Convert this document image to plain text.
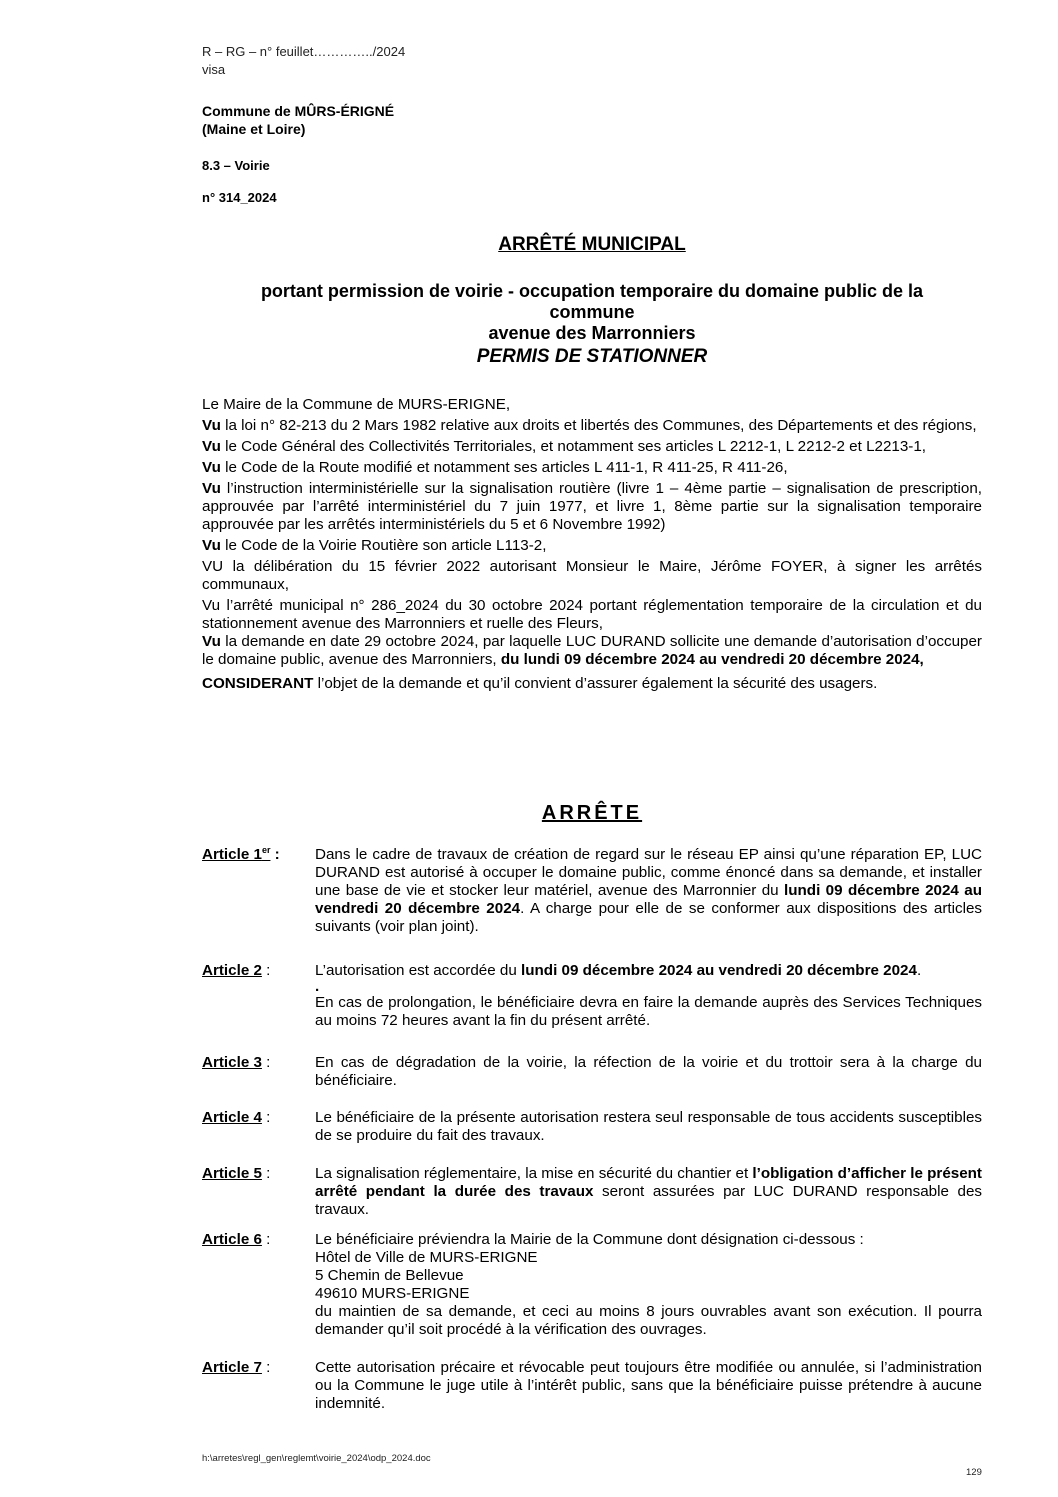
R – RG – n° feuillet…………../2024
visa
Commune de MÛRS-ÉRIGNÉ
(Maine et Loire)
8.3 – Voirie
n° 314_2024
ARRÊTÉ MUNICIPAL
portant permission de voirie - occupation temporaire du domaine public de la
commune
avenue des Marronniers
PERMIS DE STATIONNER

Le Maire de la Commune de MURS-ERIGNE,

Vu la loi n° 82-213 du 2 Mars 1982 relative aux droits et libertés des Communes, des Départements et des régions,

Vu le Code Général des Collectivités Territoriales, et notamment ses articles L 2212-1, L 2212-2 et L2213-1,

Vu le Code de la Route modifié et notamment ses articles L 411-1, R 411-25, R 411-26,

Vu l’instruction interministérielle sur la signalisation routière (livre 1 – 4ème partie – signalisation de prescription, approuvée par l’arrêté interministériel du 7 juin 1977, et livre 1, 8ème partie sur la signalisation temporaire approuvée par les arrêtés interministériels du 5 et 6 Novembre 1992)

Vu le Code de la Voirie Routière son article L113-2,

VU la délibération du 15 février 2022 autorisant Monsieur le Maire, Jérôme FOYER, à signer les arrêtés communaux,

Vu l’arrêté municipal n° 286_2024 du 30 octobre 2024 portant réglementation temporaire de la circulation et du stationnement avenue des Marronniers et ruelle des Fleurs,

Vu la demande en date 29 octobre 2024, par laquelle LUC DURAND sollicite une demande d’autorisation d’occuper le domaine public, avenue des Marronniers, du lundi 09 décembre 2024 au vendredi 20 décembre 2024,

CONSIDERANT l’objet de la demande et qu’il convient d’assurer également la sécurité des usagers.

ARRÊTE
Article 1er :	Dans le cadre de travaux de création de regard sur le réseau EP ainsi qu’une réparation EP, LUC DURAND est autorisé à occuper le domaine public, comme énoncé dans sa demande, et installer une base de vie et stocker leur matériel, avenue des Marronnier du lundi 09 décembre 2024 au vendredi 20 décembre 2024. A charge pour elle de se conformer aux dispositions des articles suivants (voir plan joint).
Article 2 :	L’autorisation est accordée du lundi 09 décembre 2024 au vendredi 20 décembre 2024.

.

En cas de prolongation, le bénéficiaire devra en faire la demande auprès des Services Techniques au moins 72 heures avant la fin du présent arrêté.

Article 3 :	En cas de dégradation de la voirie, la réfection de la voirie et du trottoir sera à la charge du bénéficiaire.
Article 4 :	Le bénéficiaire de la présente autorisation restera seul responsable de tous accidents susceptibles de se produire du fait des travaux.
Article 5 :	La signalisation réglementaire, la mise en sécurité du chantier et l’obligation d’afficher le présent arrêté pendant la durée des travaux seront assurées par LUC DURAND responsable des travaux.
Article 6 :	Le bénéficiaire préviendra la Mairie de la Commune dont désignation ci-dessous :

Hôtel de Ville de MURS-ERIGNE

5 Chemin de Bellevue

49610 MURS-ERIGNE

du maintien de sa demande, et ceci au moins 8 jours ouvrables avant son exécution. Il pourra demander qu’il soit procédé à la vérification des ouvrages.

Article 7 :	Cette autorisation précaire et révocable peut toujours être modifiée ou annulée, si l’administration ou la Commune le juge utile à l’intérêt public, sans que la bénéficiaire puisse prétendre à aucune indemnité.
h:\arretes\regl_gen\reglemt\voirie_2024\odp_2024.doc
129
